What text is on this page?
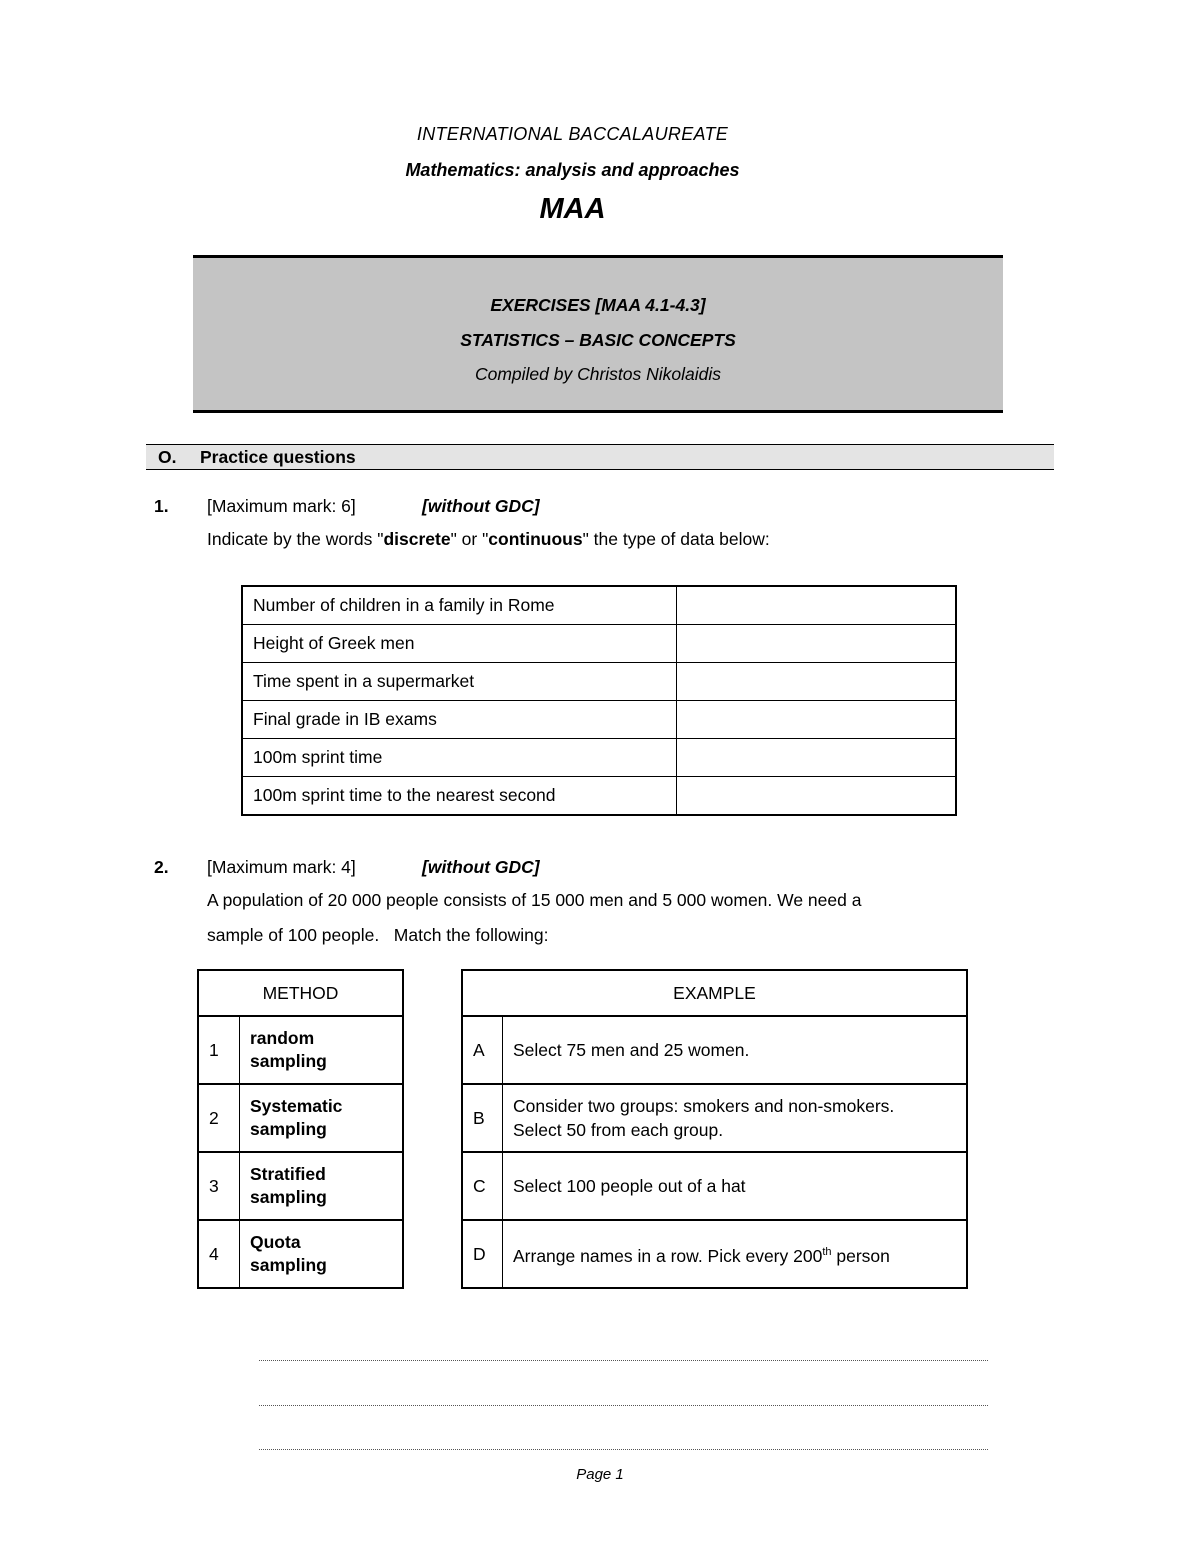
INTERNATIONAL BACCALAUREATE
Mathematics: analysis and approaches
MAA
EXERCISES [MAA 4.1-4.3]
STATISTICS – BASIC CONCEPTS
Compiled by Christos Nikolaidis
O. Practice questions
1. [Maximum mark: 6]	[without GDC]
Indicate by the words "discrete" or "continuous" the type of data below:
Number of children in a family in Rome	
Height of Greek men	
Time spent in a supermarket	
Final grade in IB exams	
100m sprint time	
100m sprint time to the nearest second	
2. [Maximum mark: 4]	[without GDC]
A population of 20 000 people consists of 15 000 men and 5 000 women. We need a
sample of 100 people.   Match the following:
METHOD	
1	random
sampling

2	Systematic
sampling

3	Stratified
sampling

4	Quota
sampling
EXAMPLE	
A	Select 75 men and 25 women.

B	Consider two groups: smokers and non-smokers.
Select 50 from each group.

C	Select 100 people out of a hat

D	Arrange names in a row. Pick every 200th person
Page 1
